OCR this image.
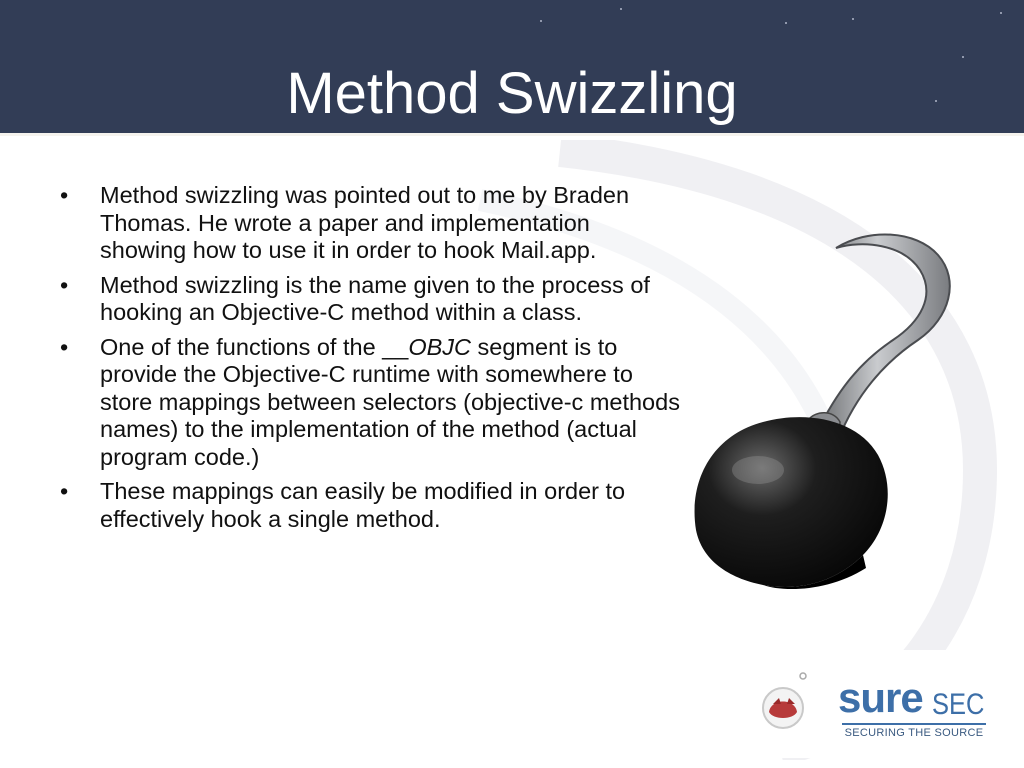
Method Swizzling
• Method swizzling was pointed out to me by Braden Thomas. He wrote a paper and implementation showing how to use it in order to hook Mail.app.
• Method swizzling is the name given to the process of hooking an Objective-C method within a class.
• One of the functions of the __OBJC segment is to provide the Objective-C runtime with somewhere to store mappings between selectors (objective-c methods names) to the implementation of the method (actual program code.)
• These mappings can easily be modified in order to effectively hook a single method.
sure SEC
SECURING THE SOURCE
